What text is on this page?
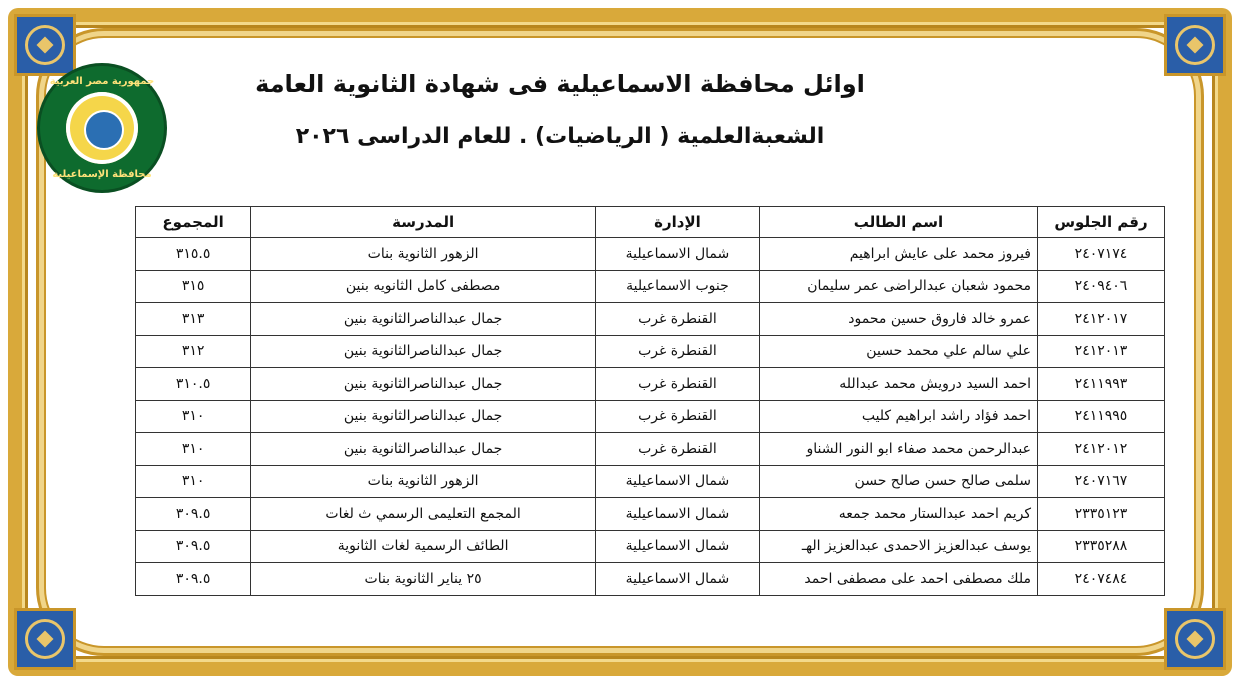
جمهورية مصر العربية
محافظة الإسماعيلية
اوائل محافظة الاسماعيلية فى شهادة الثانوية العامة
الشعبةالعلمية ( الرياضيات) . للعام الدراسى ٢٠٢٦
رقم الجلوس	اسم الطالب	الإدارة	المدرسة	المجموع
٢٤٠٧١٧٤	فيروز محمد على عايش ابراهيم	شمال الاسماعيلية	الزهور الثانوية بنات	٣١٥.٥
٢٤٠٩٤٠٦	محمود شعبان عبدالراضى عمر سليمان	جنوب الاسماعيلية	مصطفى كامل الثانويه بنين	٣١٥
٢٤١٢٠١٧	عمرو خالد فاروق حسين محمود	القنطرة غرب	جمال عبدالناصرالثانوية بنين	٣١٣
٢٤١٢٠١٣	علي سالم علي محمد حسين	القنطرة غرب	جمال عبدالناصرالثانوية بنين	٣١٢
٢٤١١٩٩٣	احمد السيد درويش محمد عبدالله	القنطرة غرب	جمال عبدالناصرالثانوية بنين	٣١٠.٥
٢٤١١٩٩٥	احمد فؤاد راشد ابراهيم كليب	القنطرة غرب	جمال عبدالناصرالثانوية بنين	٣١٠
٢٤١٢٠١٢	عبدالرحمن محمد صفاء ابو النور الشناو	القنطرة غرب	جمال عبدالناصرالثانوية بنين	٣١٠
٢٤٠٧١٦٧	سلمى صالح حسن صالح حسن	شمال الاسماعيلية	الزهور الثانوية بنات	٣١٠
٢٣٣٥١٢٣	كريم احمد عبدالستار محمد جمعه	شمال الاسماعيلية	المجمع التعليمى الرسمي ث لغات	٣٠٩.٥
٢٣٣٥٢٨٨	يوسف عبدالعزيز الاحمدى عبدالعزيز الهـ	شمال الاسماعيلية	الطائف الرسمية لغات الثانوية	٣٠٩.٥
٢٤٠٧٤٨٤	ملك مصطفى احمد على مصطفى احمد	شمال الاسماعيلية	٢٥ يناير الثانوية بنات	٣٠٩.٥
